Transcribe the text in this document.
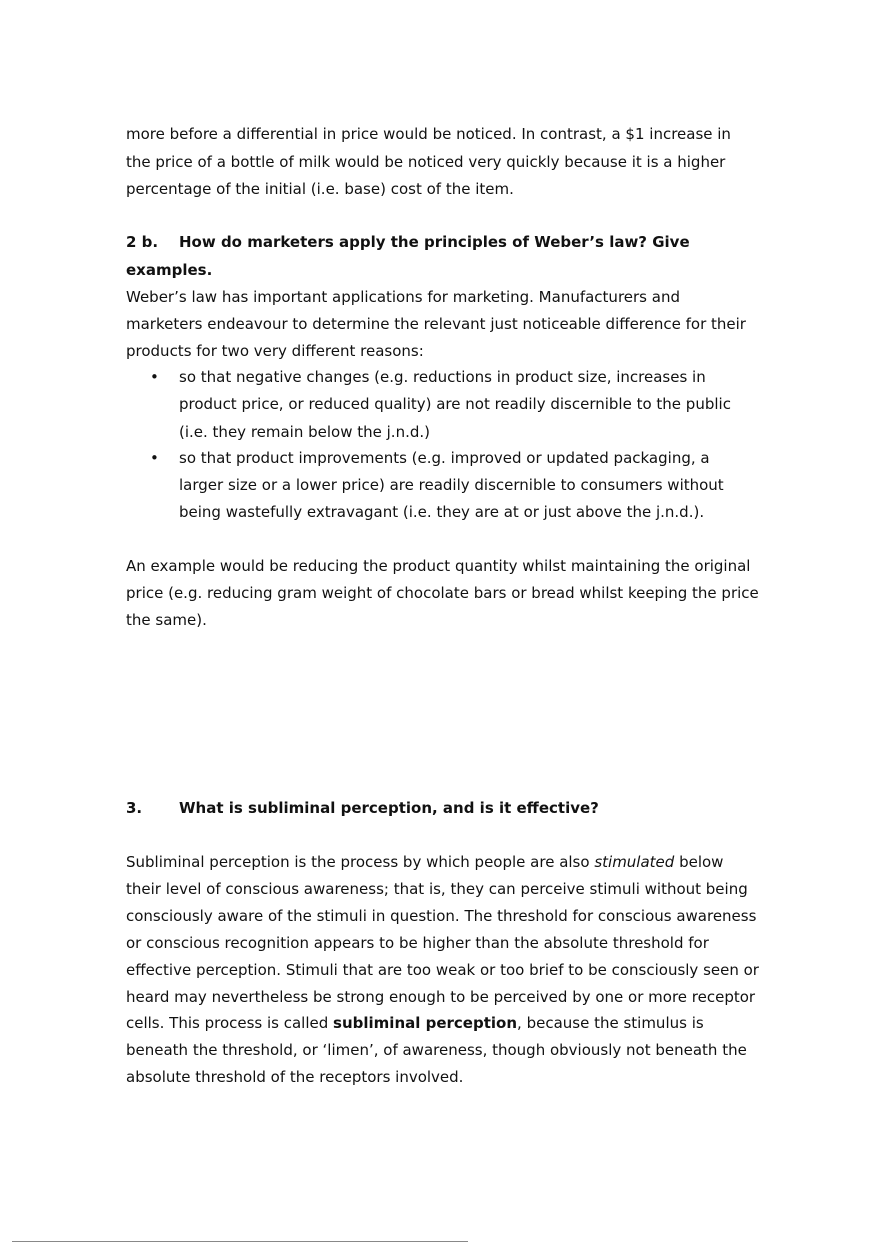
more before a differential in price would be noticed. In contrast, a $1 increase in
the price of a bottle of milk would be noticed very quickly because it is a higher
percentage of the initial (i.e. base) cost of the item.
2 b. How do marketers apply the principles of Weber’s law? Give
examples.
Weber’s law has important applications for marketing. Manufacturers and
marketers endeavour to determine the relevant just noticeable difference for their
products for two very different reasons:
• so that negative changes (e.g. reductions in product size, increases in
product price, or reduced quality) are not readily discernible to the public
(i.e. they remain below the j.n.d.)
• so that product improvements (e.g. improved or updated packaging, a
larger size or a lower price) are readily discernible to consumers without
being wastefully extravagant (i.e. they are at or just above the j.n.d.).
An example would be reducing the product quantity whilst maintaining the original
price (e.g. reducing gram weight of chocolate bars or bread whilst keeping the price
the same).
3. What is subliminal perception, and is it effective?
Subliminal perception is the process by which people are also stimulated below
their level of conscious awareness; that is, they can perceive stimuli without being
consciously aware of the stimuli in question. The threshold for conscious awareness
or conscious recognition appears to be higher than the absolute threshold for
effective perception. Stimuli that are too weak or too brief to be consciously seen or
heard may nevertheless be strong enough to be perceived by one or more receptor
cells. This process is called subliminal perception, because the stimulus is
beneath the threshold, or ‘limen’, of awareness, though obviously not beneath the
absolute threshold of the receptors involved.
